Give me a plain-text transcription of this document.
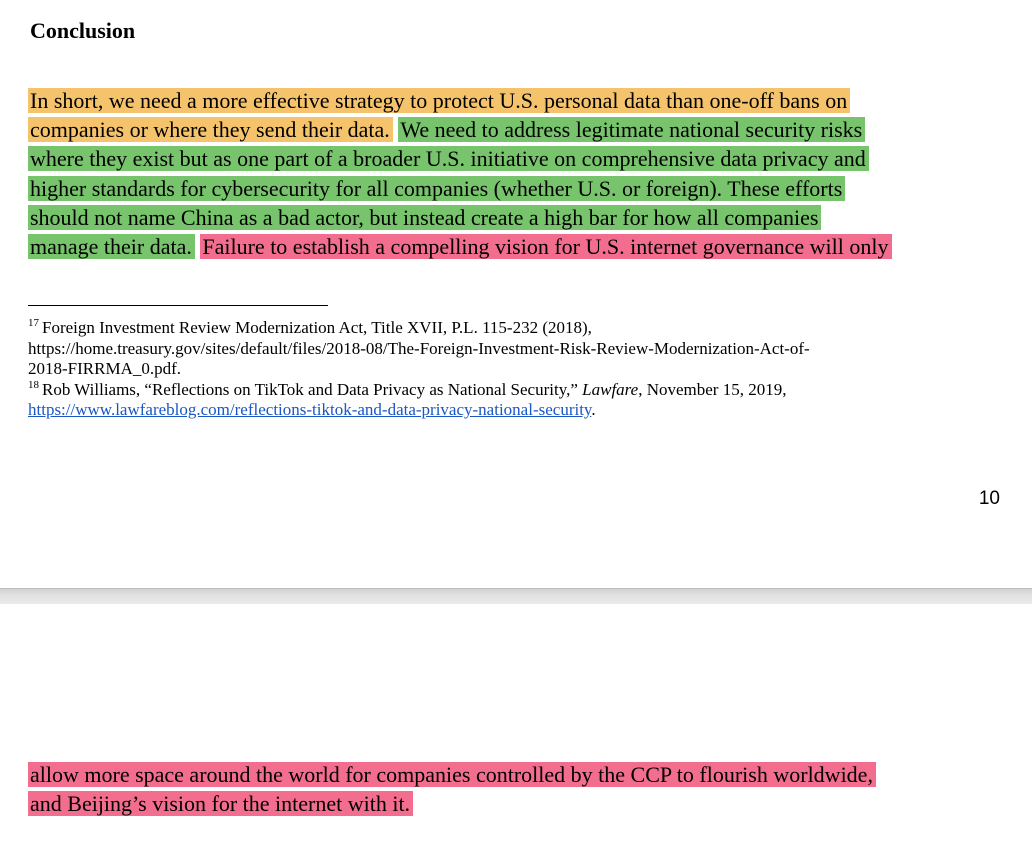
Conclusion

In short, we need a more effective strategy to protect U.S. personal data than one-off bans on
companies or where they send their data. We need to address legitimate national security risks
where they exist but as one part of a broader U.S. initiative on comprehensive data privacy and
higher standards for cybersecurity for all companies (whether U.S. or foreign). These efforts
should not name China as a bad actor, but instead create a high bar for how all companies
manage their data. Failure to establish a compelling vision for U.S. internet governance will only

$^{17}$ Foreign Investment Review Modernization Act, Title XVII, P.L. 115-232 (2018),
https://home.treasury.gov/sites/default/files/2018-08/The-Foreign-Investment-Risk-Review-Modernization-Act-of-
2018-FIRRMA_0.pdf.
$^{18}$ Rob Williams, “Reflections on TikTok and Data Privacy as National Security,” Lawfare, November 15, 2019,
https://www.lawfareblog.com/reflections-tiktok-and-data-privacy-national-security.
10

allow more space around the world for companies controlled by the CCP to flourish worldwide,
and Beijing’s vision for the internet with it.
